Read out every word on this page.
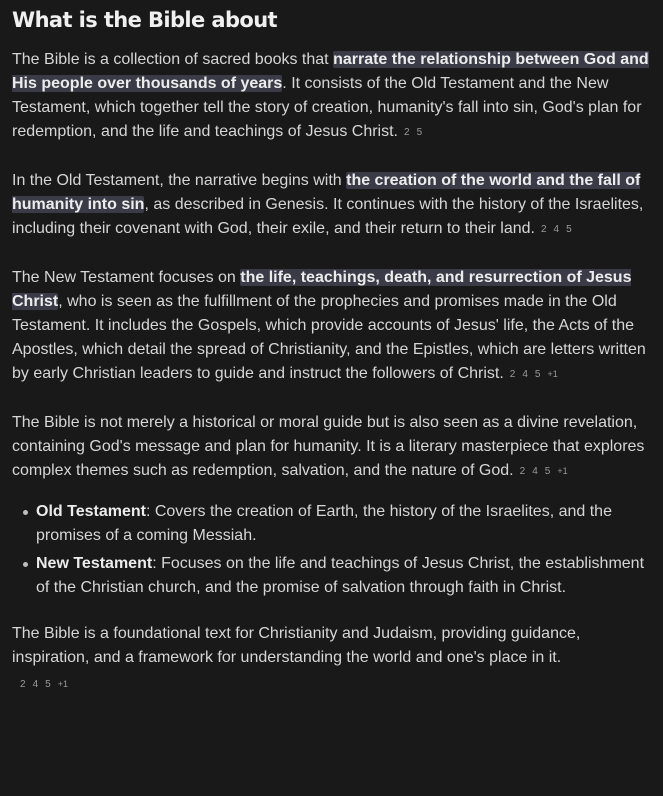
What is the Bible about

The Bible is a collection of sacred books that narrate the relationship between God and His people over thousands of years. It consists of the Old Testament and the New Testament, which together tell the story of creation, humanity's fall into sin, God's plan for redemption, and the life and teachings of Jesus Christ. 2 5

In the Old Testament, the narrative begins with the creation of the world and the fall of humanity into sin, as described in Genesis. It continues with the history of the Israelites, including their covenant with God, their exile, and their return to their land. 2 4 5

The New Testament focuses on the life, teachings, death, and resurrection of Jesus Christ, who is seen as the fulfillment of the prophecies and promises made in the Old Testament. It includes the Gospels, which provide accounts of Jesus' life, the Acts of the Apostles, which detail the spread of Christianity, and the Epistles, which are letters written by early Christian leaders to guide and instruct the followers of Christ. 2 4 5 +1

The Bible is not merely a historical or moral guide but is also seen as a divine revelation, containing God's message and plan for humanity. It is a literary masterpiece that explores complex themes such as redemption, salvation, and the nature of God. 2 4 5 +1

Old Testament: Covers the creation of Earth, the history of the Israelites, and the promises of a coming Messiah.
New Testament: Focuses on the life and teachings of Jesus Christ, the establishment of the Christian church, and the promise of salvation through faith in Christ.

The Bible is a foundational text for Christianity and Judaism, providing guidance, inspiration, and a framework for understanding the world and one's place in it.
2 4 5 +1
